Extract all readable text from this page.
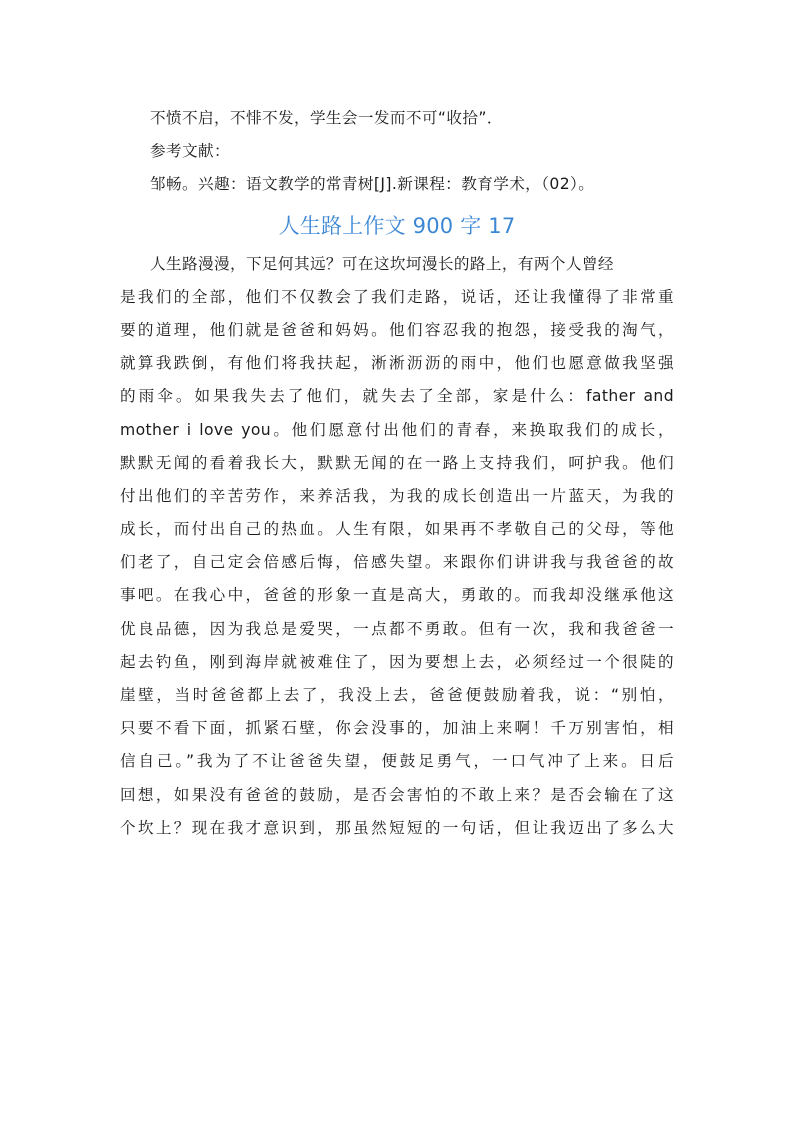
不愤不启，不悱不发，学生会一发而不可“收拾”．
参考文献：
邹畅。兴趣：语文教学的常青树[J].新课程：教育学术，（02）。
人生路上作文 900 字 17
人生路漫漫，下足何其远？可在这坎坷漫长的路上，有两个人曾经
是我们的全部，他们不仅教会了我们走路，说话，还让我懂得了非常重
要的道理，他们就是爸爸和妈妈。他们容忍我的抱怨，接受我的淘气，
就算我跌倒，有他们将我扶起，淅淅沥沥的雨中，他们也愿意做我坚强
的雨伞。如果我失去了他们，就失去了全部，家是什么：father and
mother i love you。他们愿意付出他们的青春，来换取我们的成长，
默默无闻的看着我长大，默默无闻的在一路上支持我们，呵护我。他们
付出他们的辛苦劳作，来养活我，为我的成长创造出一片蓝天，为我的
成长，而付出自己的热血。人生有限，如果再不孝敬自己的父母，等他
们老了，自己定会倍感后悔，倍感失望。来跟你们讲讲我与我爸爸的故
事吧。在我心中，爸爸的形象一直是高大，勇敢的。而我却没继承他这
优良品德，因为我总是爱哭，一点都不勇敢。但有一次，我和我爸爸一
起去钓鱼，刚到海岸就被难住了，因为要想上去，必须经过一个很陡的
崖壁，当时爸爸都上去了，我没上去，爸爸便鼓励着我，说：“别怕，
只要不看下面，抓紧石壁，你会没事的，加油上来啊！千万别害怕，相
信自己。”我为了不让爸爸失望，便鼓足勇气，一口气冲了上来。日后
回想，如果没有爸爸的鼓励，是否会害怕的不敢上来？是否会输在了这
个坎上？现在我才意识到，那虽然短短的一句话，但让我迈出了多么大
